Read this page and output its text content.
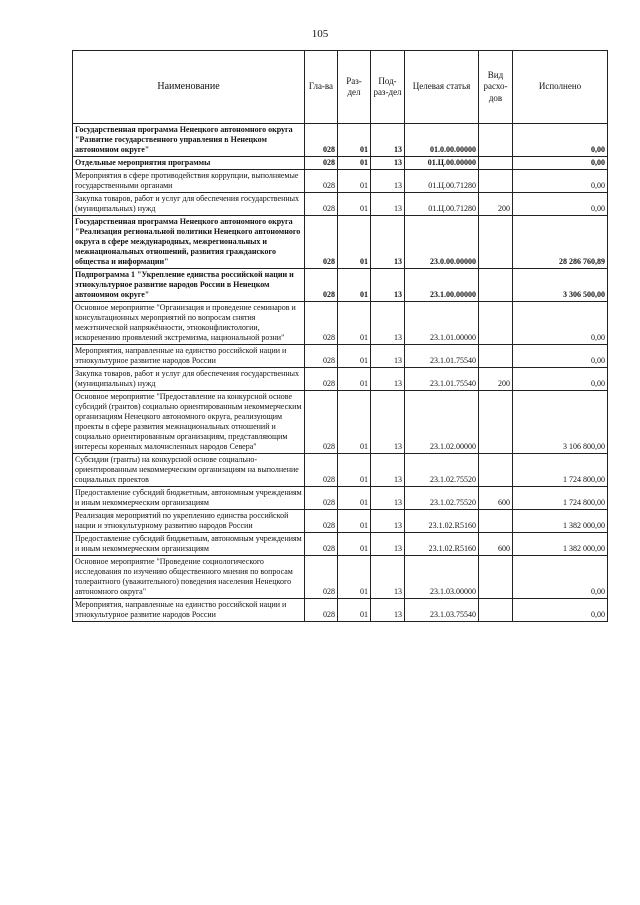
105
Наименование	Гла-ва	Раз-дел	Под-раз-дел	Целевая статья	Вид расхо-дов	Исполнено
Государственная программа Ненецкого автономного округа "Развитие государственного управления в Ненецком автономном округе"	028	01	13	01.0.00.00000		0,00
Отдельные мероприятия программы	028	01	13	01.Ц.00.00000		0,00
Мероприятия в сфере противодействия коррупции, выполняемые государственными органами	028	01	13	01.Ц.00.71280		0,00
Закупка товаров, работ и услуг для обеспечения государственных (муниципальных) нужд	028	01	13	01.Ц.00.71280	200	0,00
Государственная программа Ненецкого автономного округа "Реализация региональной политики Ненецкого автономного округа в сфере международных, межрегиональных и межнациональных отношений, развития гражданского общества и информации"	028	01	13	23.0.00.00000		28 286 760,89
Подпрограмма 1 "Укрепление единства российской нации и этнокультурное развитие народов России в Ненецком автономном округе"	028	01	13	23.1.00.00000		3 306 500,00
Основное мероприятие "Организация и проведение семинаров и консультационных мероприятий по вопросам снятия межэтнической напряжённости, этноконфликтологии, искоренению проявлений экстремизма, национальной розни"	028	01	13	23.1.01.00000		0,00
Мероприятия, направленные на единство российской нации и этнокультурное развитие народов России	028	01	13	23.1.01.75540		0,00
Закупка товаров, работ и услуг для обеспечения государственных (муниципальных) нужд	028	01	13	23.1.01.75540	200	0,00
Основное мероприятие "Предоставление на конкурсной основе субсидий (грантов) социально ориентированным некоммерческим организациям Ненецкого автономного округа, реализующим проекты в сфере развития межнациональных отношений и социально ориентированным организациям, представляющим интересы коренных малочисленных народов Севера"	028	01	13	23.1.02.00000		3 106 800,00
Субсидии (гранты) на конкурсной основе социально-ориентированным некоммерческим организациям на выполнение социальных проектов	028	01	13	23.1.02.75520		1 724 800,00
Предоставление субсидий бюджетным, автономным учреждениям и иным некоммерческим организациям	028	01	13	23.1.02.75520	600	1 724 800,00
Реализация мероприятий по укреплению единства российской нации и этнокультурному развитию народов России	028	01	13	23.1.02.R5160		1 382 000,00
Предоставление субсидий бюджетным, автономным учреждениям и иным некоммерческим организациям	028	01	13	23.1.02.R5160	600	1 382 000,00
Основное мероприятие "Проведение социологического исследования по изучению общественного мнения по вопросам толерантного (уважительного) поведения населения Ненецкого автономного округа"	028	01	13	23.1.03.00000		0,00
Мероприятия, направленные на единство российской нации и этнокультурное развитие народов России	028	01	13	23.1.03.75540		0,00
